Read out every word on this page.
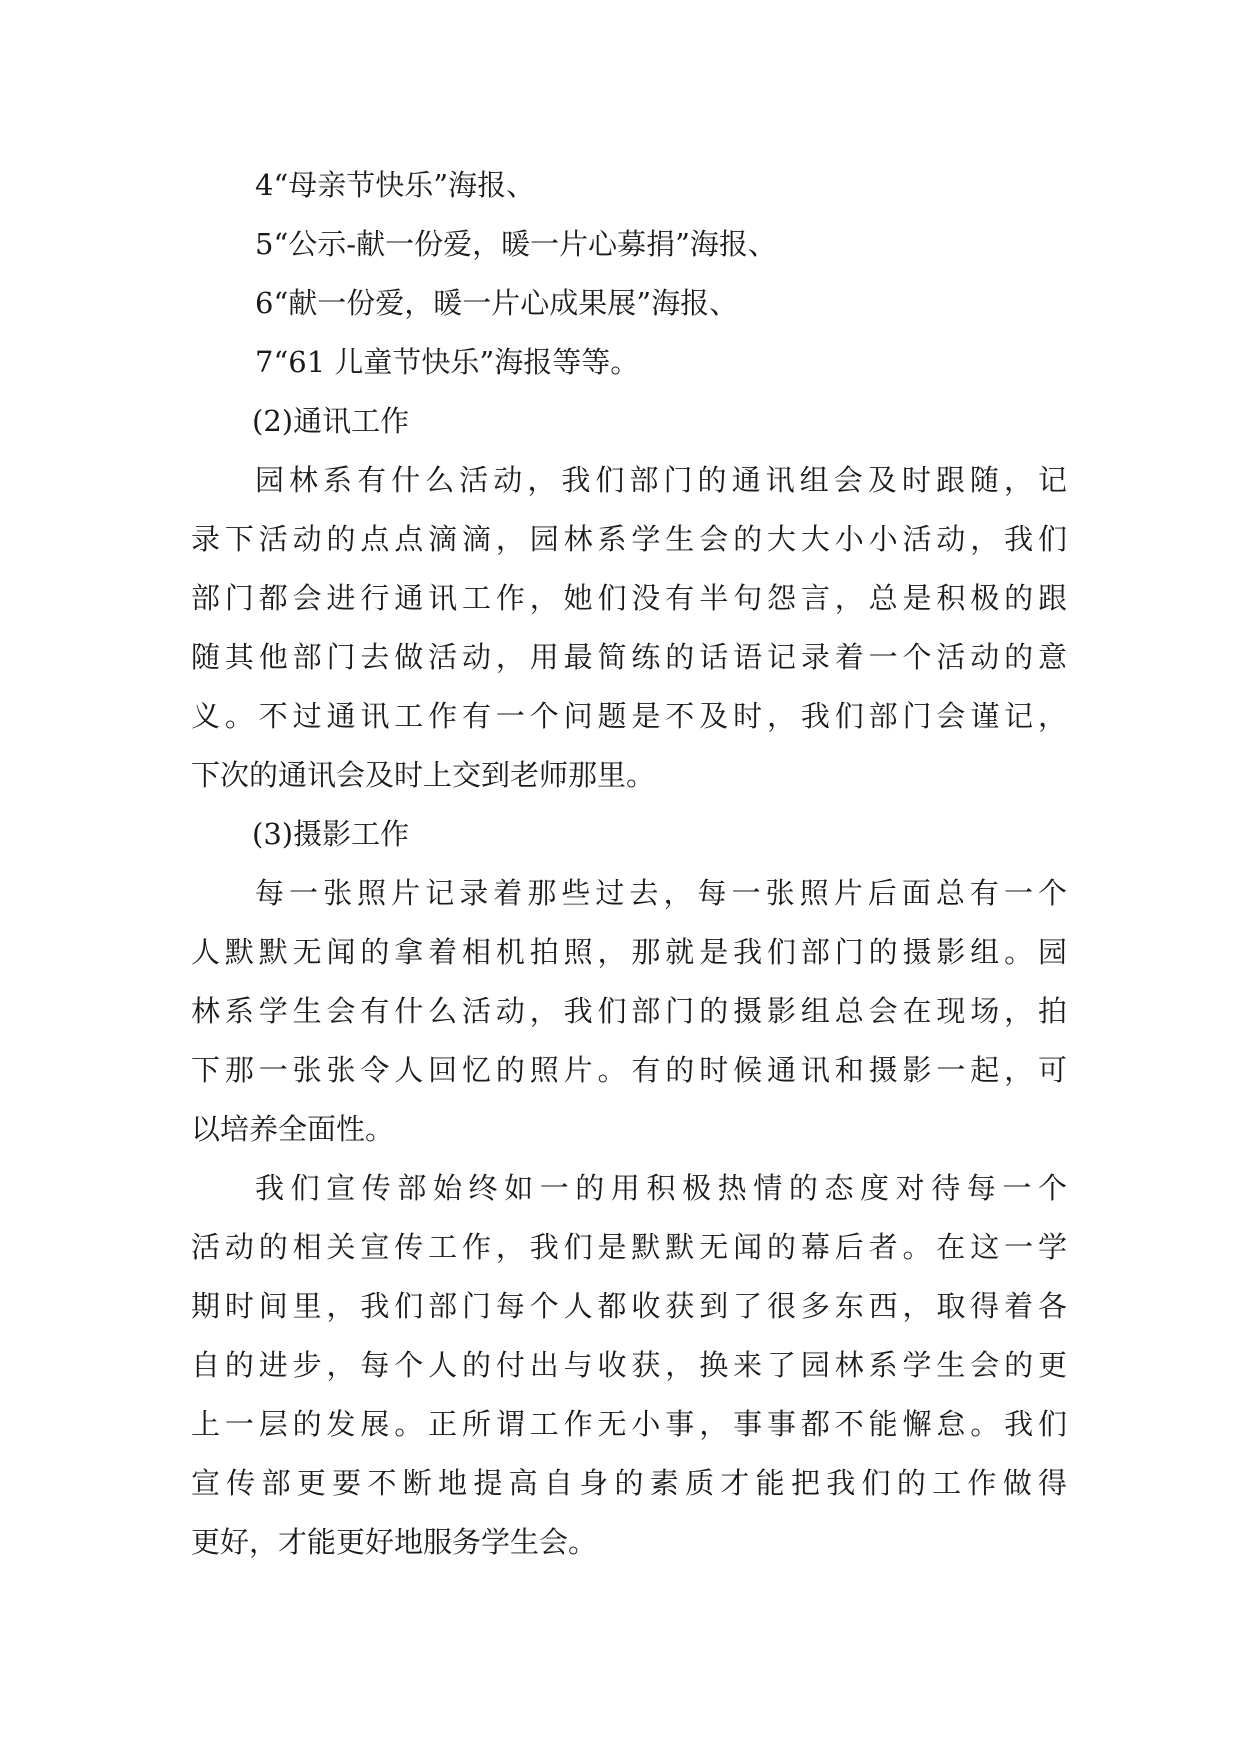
4“母亲节快乐”海报、

5“公示-献一份爱，暖一片心募捐”海报、

6“献一份爱，暖一片心成果展”海报、

7“61 儿童节快乐”海报等等。

(2)通讯工作

园林系有什么活动，我们部门的通讯组会及时跟随，记

录下活动的点点滴滴，园林系学生会的大大小小活动，我们

部门都会进行通讯工作，她们没有半句怨言，总是积极的跟

随其他部门去做活动，用最简练的话语记录着一个活动的意

义。不过通讯工作有一个问题是不及时，我们部门会谨记，

下次的通讯会及时上交到老师那里。

(3)摄影工作

每一张照片记录着那些过去，每一张照片后面总有一个

人默默无闻的拿着相机拍照，那就是我们部门的摄影组。园

林系学生会有什么活动，我们部门的摄影组总会在现场，拍

下那一张张令人回忆的照片。有的时候通讯和摄影一起，可

以培养全面性。

我们宣传部始终如一的用积极热情的态度对待每一个

活动的相关宣传工作，我们是默默无闻的幕后者。在这一学

期时间里，我们部门每个人都收获到了很多东西，取得着各

自的进步，每个人的付出与收获，换来了园林系学生会的更

上一层的发展。正所谓工作无小事，事事都不能懈怠。我们

宣传部更要不断地提高自身的素质才能把我们的工作做得

更好，才能更好地服务学生会。
